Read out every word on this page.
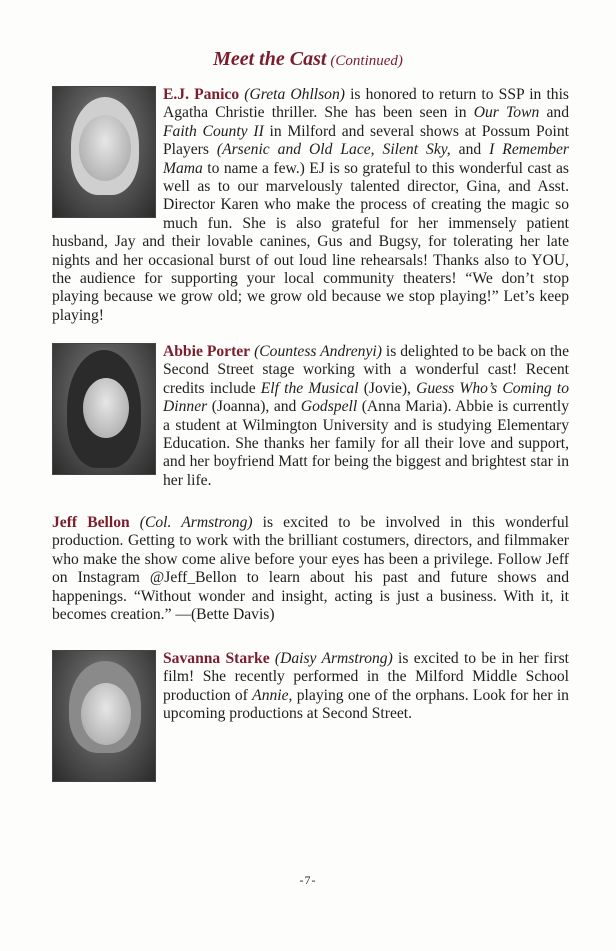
Meet the Cast (Continued)

E.J. Panico (Greta Ohllson) is honored to return to SSP in this Agatha Christie thriller. She has been seen in Our Town and Faith County II in Milford and several shows at Possum Point Players (Arsenic and Old Lace, Silent Sky, and I Remember Mama to name a few.) EJ is so grateful to this wonderful cast as well as to our marvelously talented director, Gina, and Asst. Director Karen who make the process of creating the magic so much fun. She is also grateful for her immensely patient husband, Jay and their lovable canines, Gus and Bugsy, for tolerating her late nights and her occasional burst of out loud line rehearsals! Thanks also to YOU, the audience for supporting your local community theaters! “We don’t stop playing because we grow old; we grow old because we stop playing!” Let’s keep playing!

Abbie Porter (Countess Andrenyi) is delighted to be back on the Second Street stage working with a wonderful cast! Recent credits include Elf the Musical (Jovie), Guess Who’s Coming to Dinner (Joanna), and Godspell (Anna Maria). Abbie is currently a student at Wilmington University and is studying Elementary Education. She thanks her family for all their love and support, and her boyfriend Matt for being the biggest and brightest star in her life.

Jeff Bellon (Col. Armstrong) is excited to be involved in this wonderful production. Getting to work with the brilliant costumers, directors, and filmmaker who make the show come alive before your eyes has been a privilege. Follow Jeff on Instagram @Jeff_Bellon to learn about his past and future shows and happenings. “Without wonder and insight, acting is just a business. With it, it becomes creation.” —(Bette Davis)

Savanna Starke (Daisy Armstrong) is excited to be in her first film! She recently performed in the Milford Middle School production of Annie, playing one of the orphans. Look for her in upcoming productions at Second Street.

-7-
